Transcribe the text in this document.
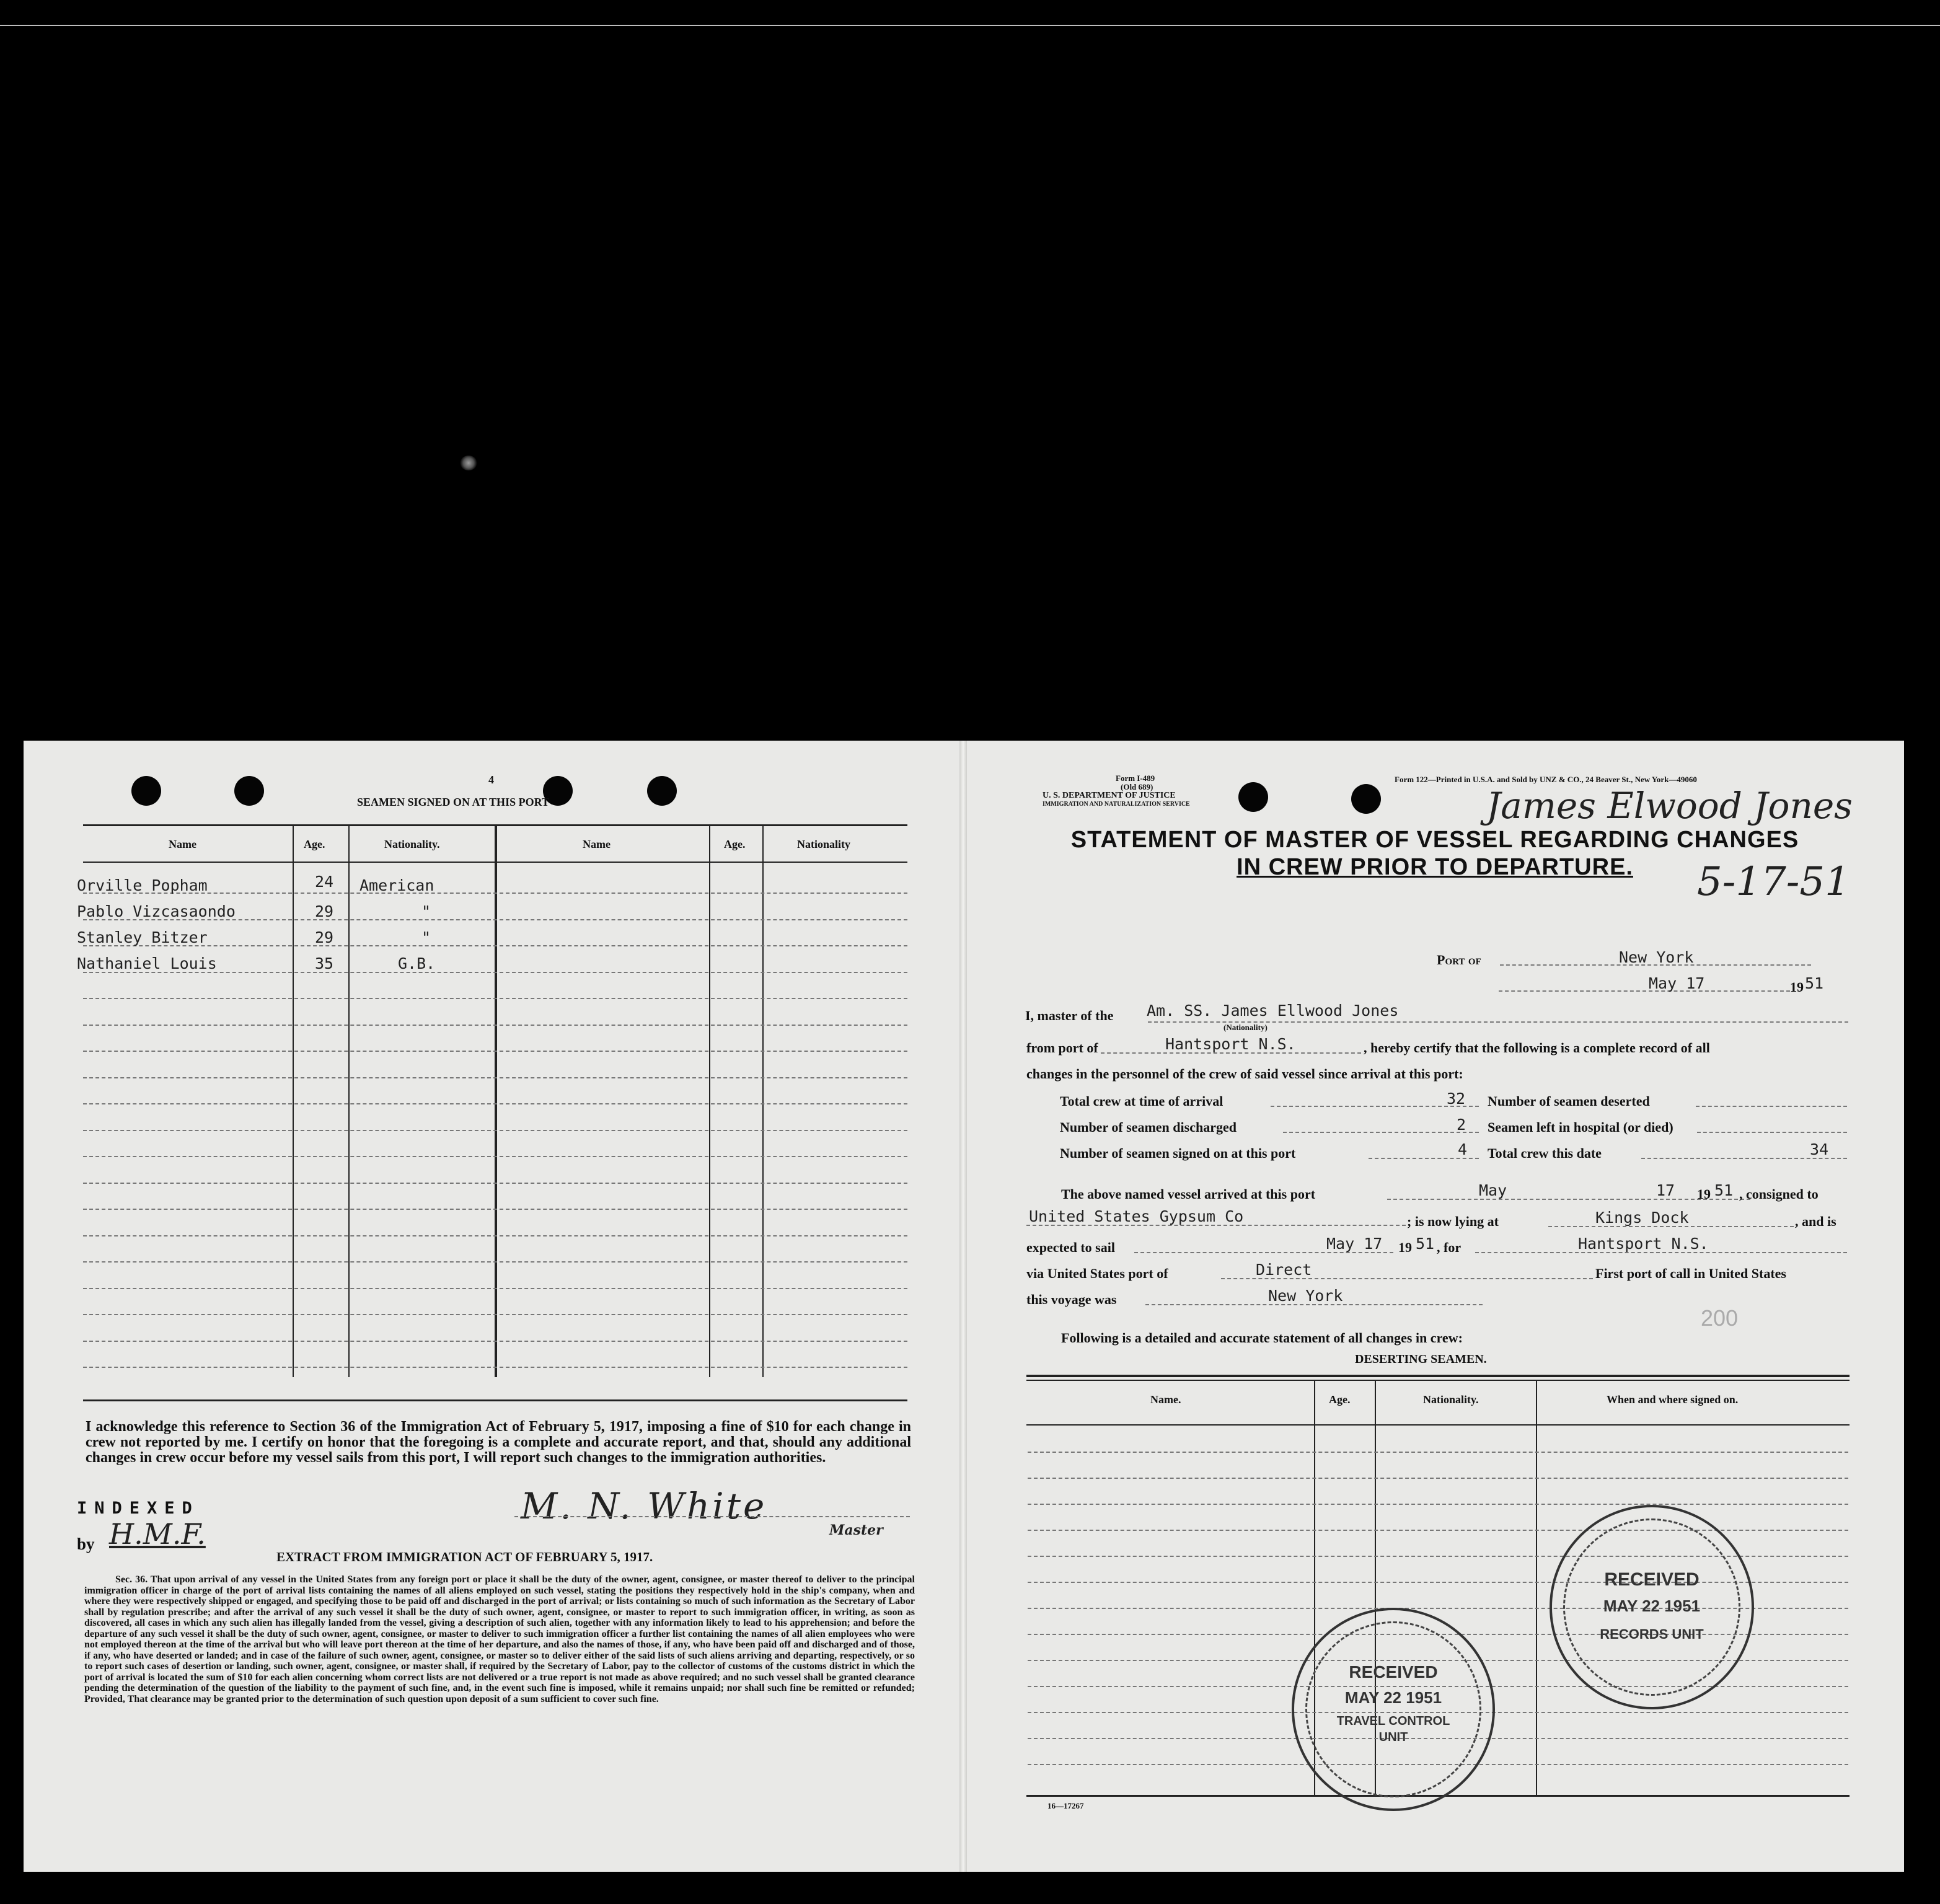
4
SEAMEN SIGNED ON AT THIS PORT
Name	Age.	Nationality.	Name	Age.	Nationality
Orville Popham	24 American
Pablo Vizcasaondo	29	"
Stanley Bitzer	29	"
Nathaniel Louis	35	G.B.
I acknowledge this reference to Section 36 of the Immigration Act of February 5, 1917, imposing a fine of $10 for each change in crew not reported by me. I certify on honor that the foregoing is a complete and accurate report, and that, should any additional changes in crew occur before my vessel sails from this port, I will report such changes to the immigration authorities.
INDEXED
by H.M.F.
M. N. White
Master
EXTRACT FROM IMMIGRATION ACT OF FEBRUARY 5, 1917.
Sec. 36. That upon arrival of any vessel in the United States from any foreign port or place it shall be the duty of the owner, agent, consignee, or master thereof to deliver to the principal immigration officer in charge of the port of arrival lists containing the names of all aliens employed on such vessel, stating the positions they respectively hold in the ship's company, when and where they were respectively shipped or engaged, and specifying those to be paid off and discharged in the port of arrival; or lists containing so much of such information as the Secretary of Labor shall by regulation prescribe; and after the arrival of any such vessel it shall be the duty of such owner, agent, consignee, or master to report to such immigration officer, in writing, as soon as discovered, all cases in which any such alien has illegally landed from the vessel, giving a description of such alien, together with any information likely to lead to his apprehension; and before the departure of any such vessel it shall be the duty of such owner, agent, consignee, or master to deliver to such immigration officer a further list containing the names of all alien employees who were not employed thereon at the time of the arrival but who will leave port thereon at the time of her departure, and also the names of those, if any, who have been paid off and discharged and of those, if any, who have deserted or landed; and in case of the failure of such owner, agent, consignee, or master so to deliver either of the said lists of such aliens arriving and departing, respectively, or so to report such cases of desertion or landing, such owner, agent, consignee, or master shall, if required by the Secretary of Labor, pay to the collector of customs of the customs district in which the port of arrival is located the sum of $10 for each alien concerning whom correct lists are not delivered or a true report is not made as above required; and no such vessel shall be granted clearance pending the determination of the question of the liability to the payment of such fine, and, in the event such fine is imposed, while it remains unpaid; nor shall such fine be remitted or refunded; Provided, That clearance may be granted prior to the determination of such question upon deposit of a sum sufficient to cover such fine.
Form I-489
(Old 689)
U. S. DEPARTMENT OF JUSTICE
IMMIGRATION AND NATURALIZATION SERVICE
Form 122—Printed in U.S.A. and Sold by UNZ & CO., 24 Beaver St., New York—49060
James Elwood Jones
STATEMENT OF MASTER OF VESSEL REGARDING CHANGES
IN CREW PRIOR TO DEPARTURE.	5-17-51
Port of	New York
May 17	19 51
I, master of the Am. SS. James Ellwood Jones
(Nationality)
from port of	Hantsport N.S.	, hereby certify that the following is a complete record of all
changes in the personnel of the crew of said vessel since arrival at this port:
Total crew at time of arrival	32 Number of seamen deserted
Number of seamen discharged	2 Seamen left in hospital (or died)
Number of seamen signed on at this port	4 Total crew this date	34
The above named vessel arrived at this port	May	17 19 51 , consigned to
United States Gypsum Co	; is now lying at	Kings Dock	, and is
expected to sail	May 17 19 51 , for	Hantsport N.S.
via United States port of	Direct	First port of call in United States
this voyage was	New York
200
Following is a detailed and accurate statement of all changes in crew:
DESERTING SEAMEN.
Name.	Age.	Nationality.	When and where signed on.
16—17267
RECEIVED
MAY 22 1951
RECORDS UNIT
RECEIVED
MAY 22 1951
TRAVEL CONTROL
UNIT
